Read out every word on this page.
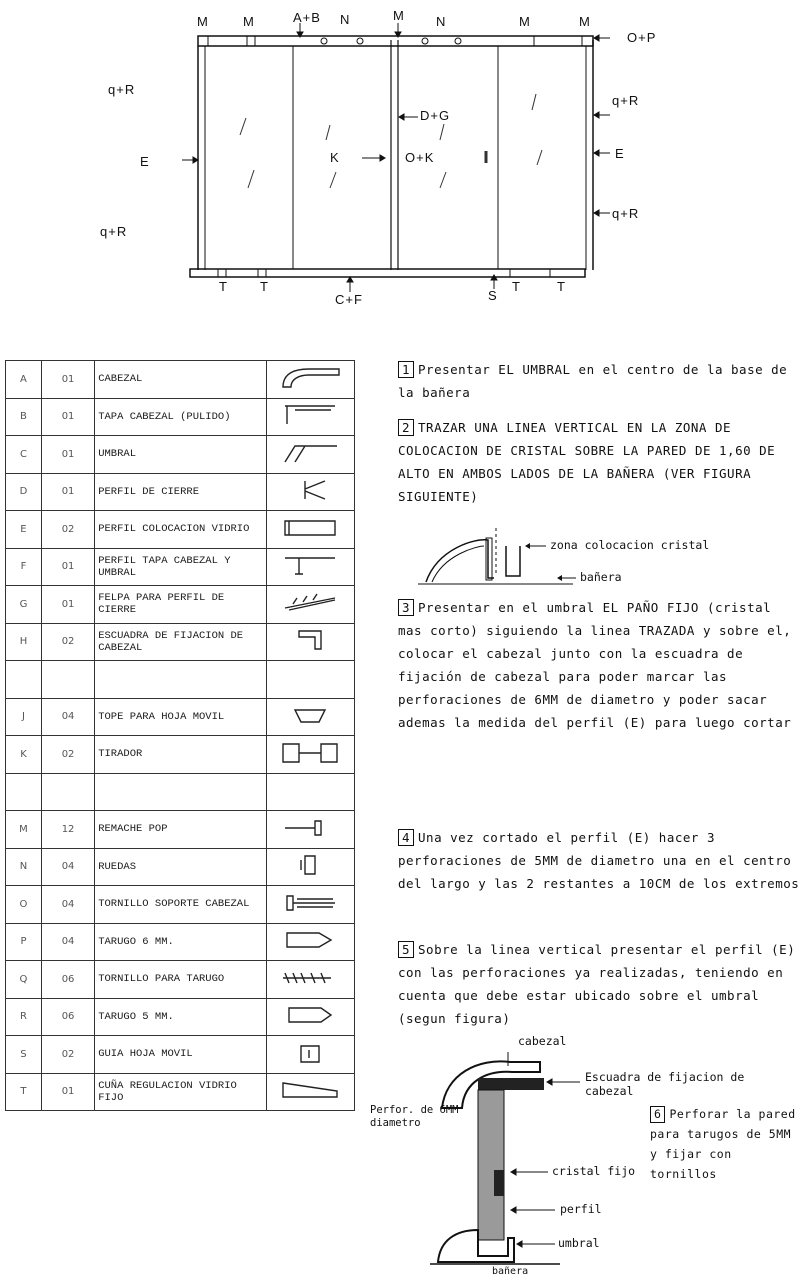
M	M	A+B N	M N	M	M
O+P
q+R
E
q+R
q+R
E
q+R
D+G
K	O+K
T T
S
T	T
C+F
A	01	CABEZAL	
B	01	TAPA CABEZAL (PULIDO)	
C	01	UMBRAL	
D	01	PERFIL DE CIERRE	
E	02	PERFIL COLOCACION VIDRIO	
F	01	PERFIL TAPA CABEZAL Y UMBRAL	
G	01	FELPA PARA PERFIL DE CIERRE	
H	02	ESCUADRA DE FIJACION DE CABEZAL	

J	04	TOPE PARA HOJA MOVIL	
K	02	TIRADOR	

M	12	REMACHE POP	
N	04	RUEDAS	
O	04	TORNILLO SOPORTE CABEZAL	
P	04	TARUGO 6 MM.	
Q	06	TORNILLO PARA TARUGO	
R	06	TARUGO 5 MM.	
S	02	GUIA HOJA MOVIL	
T	01	CUÑA REGULACION VIDRIO FIJO	
1 Presentar EL UMBRAL en el centro de la base de la bañera
2 TRAZAR UNA LINEA VERTICAL EN LA ZONA DE COLOCACION DE CRISTAL SOBRE LA PARED DE 1,60 DE ALTO EN AMBOS LADOS DE LA BAÑERA (VER FIGURA SIGUIENTE)
zona colocacion cristal
bañera
3 Presentar en el umbral EL PAÑO FIJO (cristal mas corto) siguiendo la linea TRAZADA y sobre el, colocar el cabezal junto con la escuadra de fijación de cabezal para poder marcar las perforaciones de 6MM de diametro y poder sacar ademas la medida del perfil (E) para luego cortar
4 Una vez cortado el perfil (E) hacer 3 perforaciones de 5MM de diametro una en el centro del largo y las 2 restantes a 10CM de los extremos
5 Sobre la linea vertical presentar el perfil (E) con las perforaciones ya realizadas, teniendo en cuenta que debe estar ubicado sobre el umbral (segun figura)
cabezal
Escuadra de fijacion de cabezal
Perfor. de 6MM diametro
cristal fijo
perfil
umbral
bañera
6 Perforar la pared para tarugos de 5MM y fijar con tornillos
